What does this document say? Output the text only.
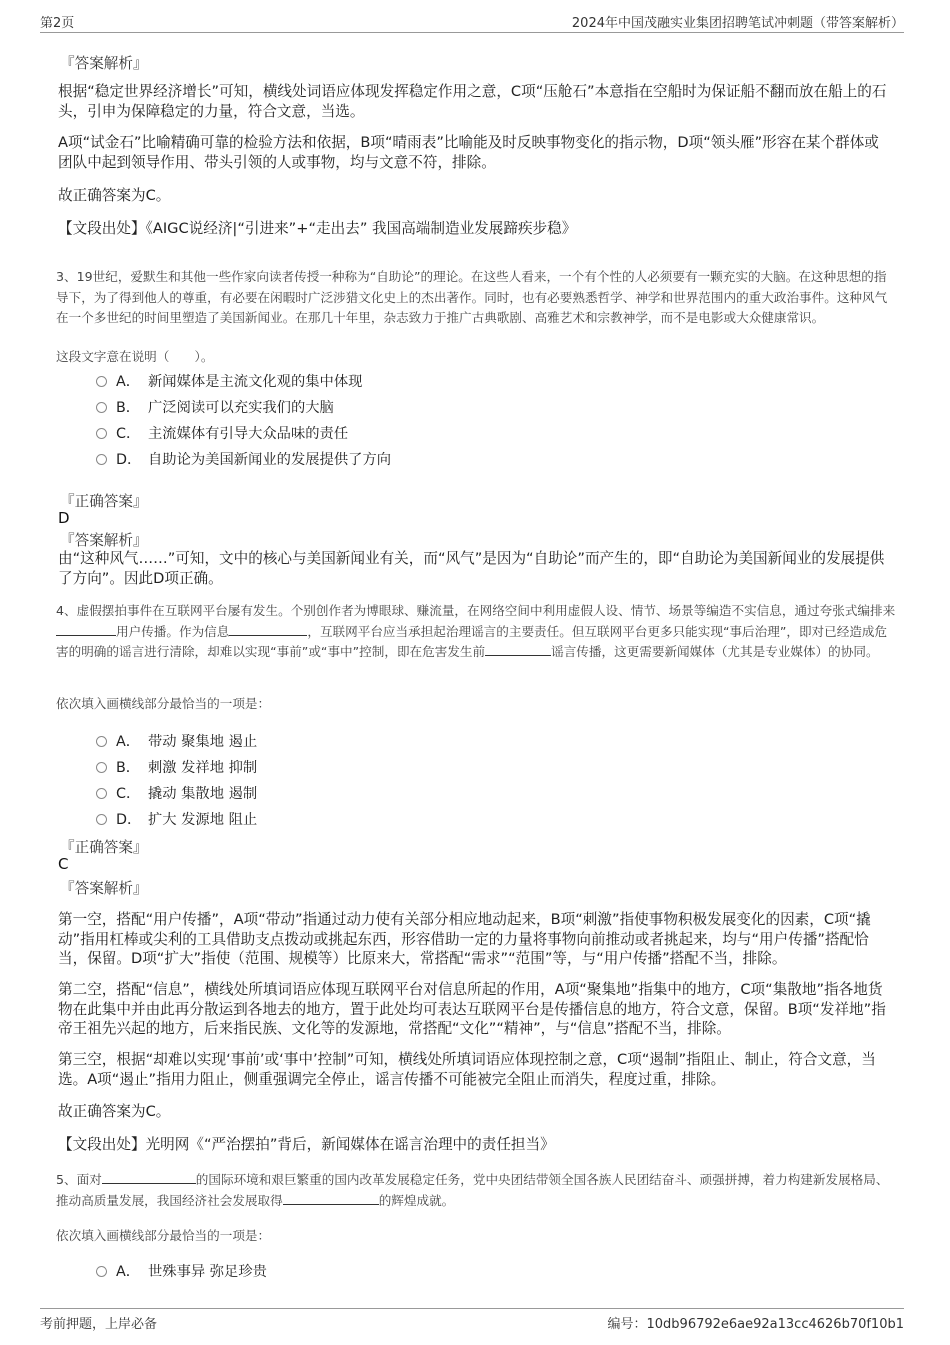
第2页	2024年中国茂融实业集团招聘笔试冲刺题（带答案解析）
『答案解析』
根据“稳定世界经济增长”可知，横线处词语应体现发挥稳定作用之意，C项“压舱石”本意指在空船时为保证船不翻而放在船上的石头，引申为保障稳定的力量，符合文意，当选。
A项“试金石”比喻精确可靠的检验方法和依据，B项“晴雨表”比喻能及时反映事物变化的指示物，D项“领头雁”形容在某个群体或团队中起到领导作用、带头引领的人或事物，均与文意不符，排除。
故正确答案为C。
【文段出处】《AIGC说经济|“引进来”+“走出去” 我国高端制造业发展蹄疾步稳》
3、19世纪，爱默生和其他一些作家向读者传授一种称为“自助论”的理论。在这些人看来，一个有个性的人必须要有一颗充实的大脑。在这种思想的指导下，为了得到他人的尊重，有必要在闲暇时广泛涉猎文化史上的杰出著作。同时，也有必要熟悉哲学、神学和世界范围内的重大政治事件。这种风气在一个多世纪的时间里塑造了美国新闻业。在那几十年里，杂志致力于推广古典歌剧、高雅艺术和宗教神学，而不是电影或大众健康常识。
这段文字意在说明（　　）。
A． 新闻媒体是主流文化观的集中体现
B． 广泛阅读可以充实我们的大脑
C． 主流媒体有引导大众品味的责任
D． 自助论为美国新闻业的发展提供了方向
『正确答案』
D
『答案解析』
由“这种风气……”可知，文中的核心与美国新闻业有关，而“风气”是因为“自助论”而产生的，即“自助论为美国新闻业的发展提供了方向”。因此D项正确。
4、虚假摆拍事件在互联网平台屡有发生。个别创作者为博眼球、赚流量，在网络空间中利用虚假人设、情节、场景等编造不实信息，通过夸张式编排来用户传播。作为信息	，互联网平台应当承担起治理谣言的主要责任。但互联网平台更多只能实现“事后治理”，即对已经造成危害的明确的谣言进行清除，却难以实现“事前”或“事中”控制，即在危害发生前	谣言传播，这更需要新闻媒体（尤其是专业媒体）的协同。
依次填入画横线部分最恰当的一项是：
A． 带动 聚集地 遏止
B． 刺激 发祥地 抑制
C． 撬动 集散地 遏制
D． 扩大 发源地 阻止
『正确答案』
C
『答案解析』
第一空，搭配“用户传播”，A项“带动”指通过动力使有关部分相应地动起来，B项“刺激”指使事物积极发展变化的因素，C项“撬动”指用杠棒或尖利的工具借助支点拨动或挑起东西，形容借助一定的力量将事物向前推动或者挑起来，均与“用户传播”搭配恰当，保留。D项“扩大”指使（范围、规模等）比原来大，常搭配“需求”“范围”等，与“用户传播”搭配不当，排除。
第二空，搭配“信息”，横线处所填词语应体现互联网平台对信息所起的作用，A项“聚集地”指集中的地方，C项“集散地”指各地货物在此集中并由此再分散运到各地去的地方，置于此处均可表达互联网平台是传播信息的地方，符合文意，保留。B项“发祥地”指帝王祖先兴起的地方，后来指民族、文化等的发源地，常搭配“文化”“精神”，与“信息”搭配不当，排除。
第三空，根据“却难以实现‘事前’或‘事中’控制”可知，横线处所填词语应体现控制之意，C项“遏制”指阻止、制止，符合文意，当选。A项“遏止”指用力阻止，侧重强调完全停止，谣言传播不可能被完全阻止而消失，程度过重，排除。
故正确答案为C。
【文段出处】光明网《“严治摆拍”背后，新闻媒体在谣言治理中的责任担当》
5、面对	的国际环境和艰巨繁重的国内改革发展稳定任务，党中央团结带领全国各族人民团结奋斗、顽强拼搏，着力构建新发展格局、推动高质量发展，我国经济社会发展取得	的辉煌成就。
依次填入画横线部分最恰当的一项是：
A． 世殊事异 弥足珍贵
考前押题，上岸必备	编号：10db96792e6ae92a13cc4626b70f10b1
